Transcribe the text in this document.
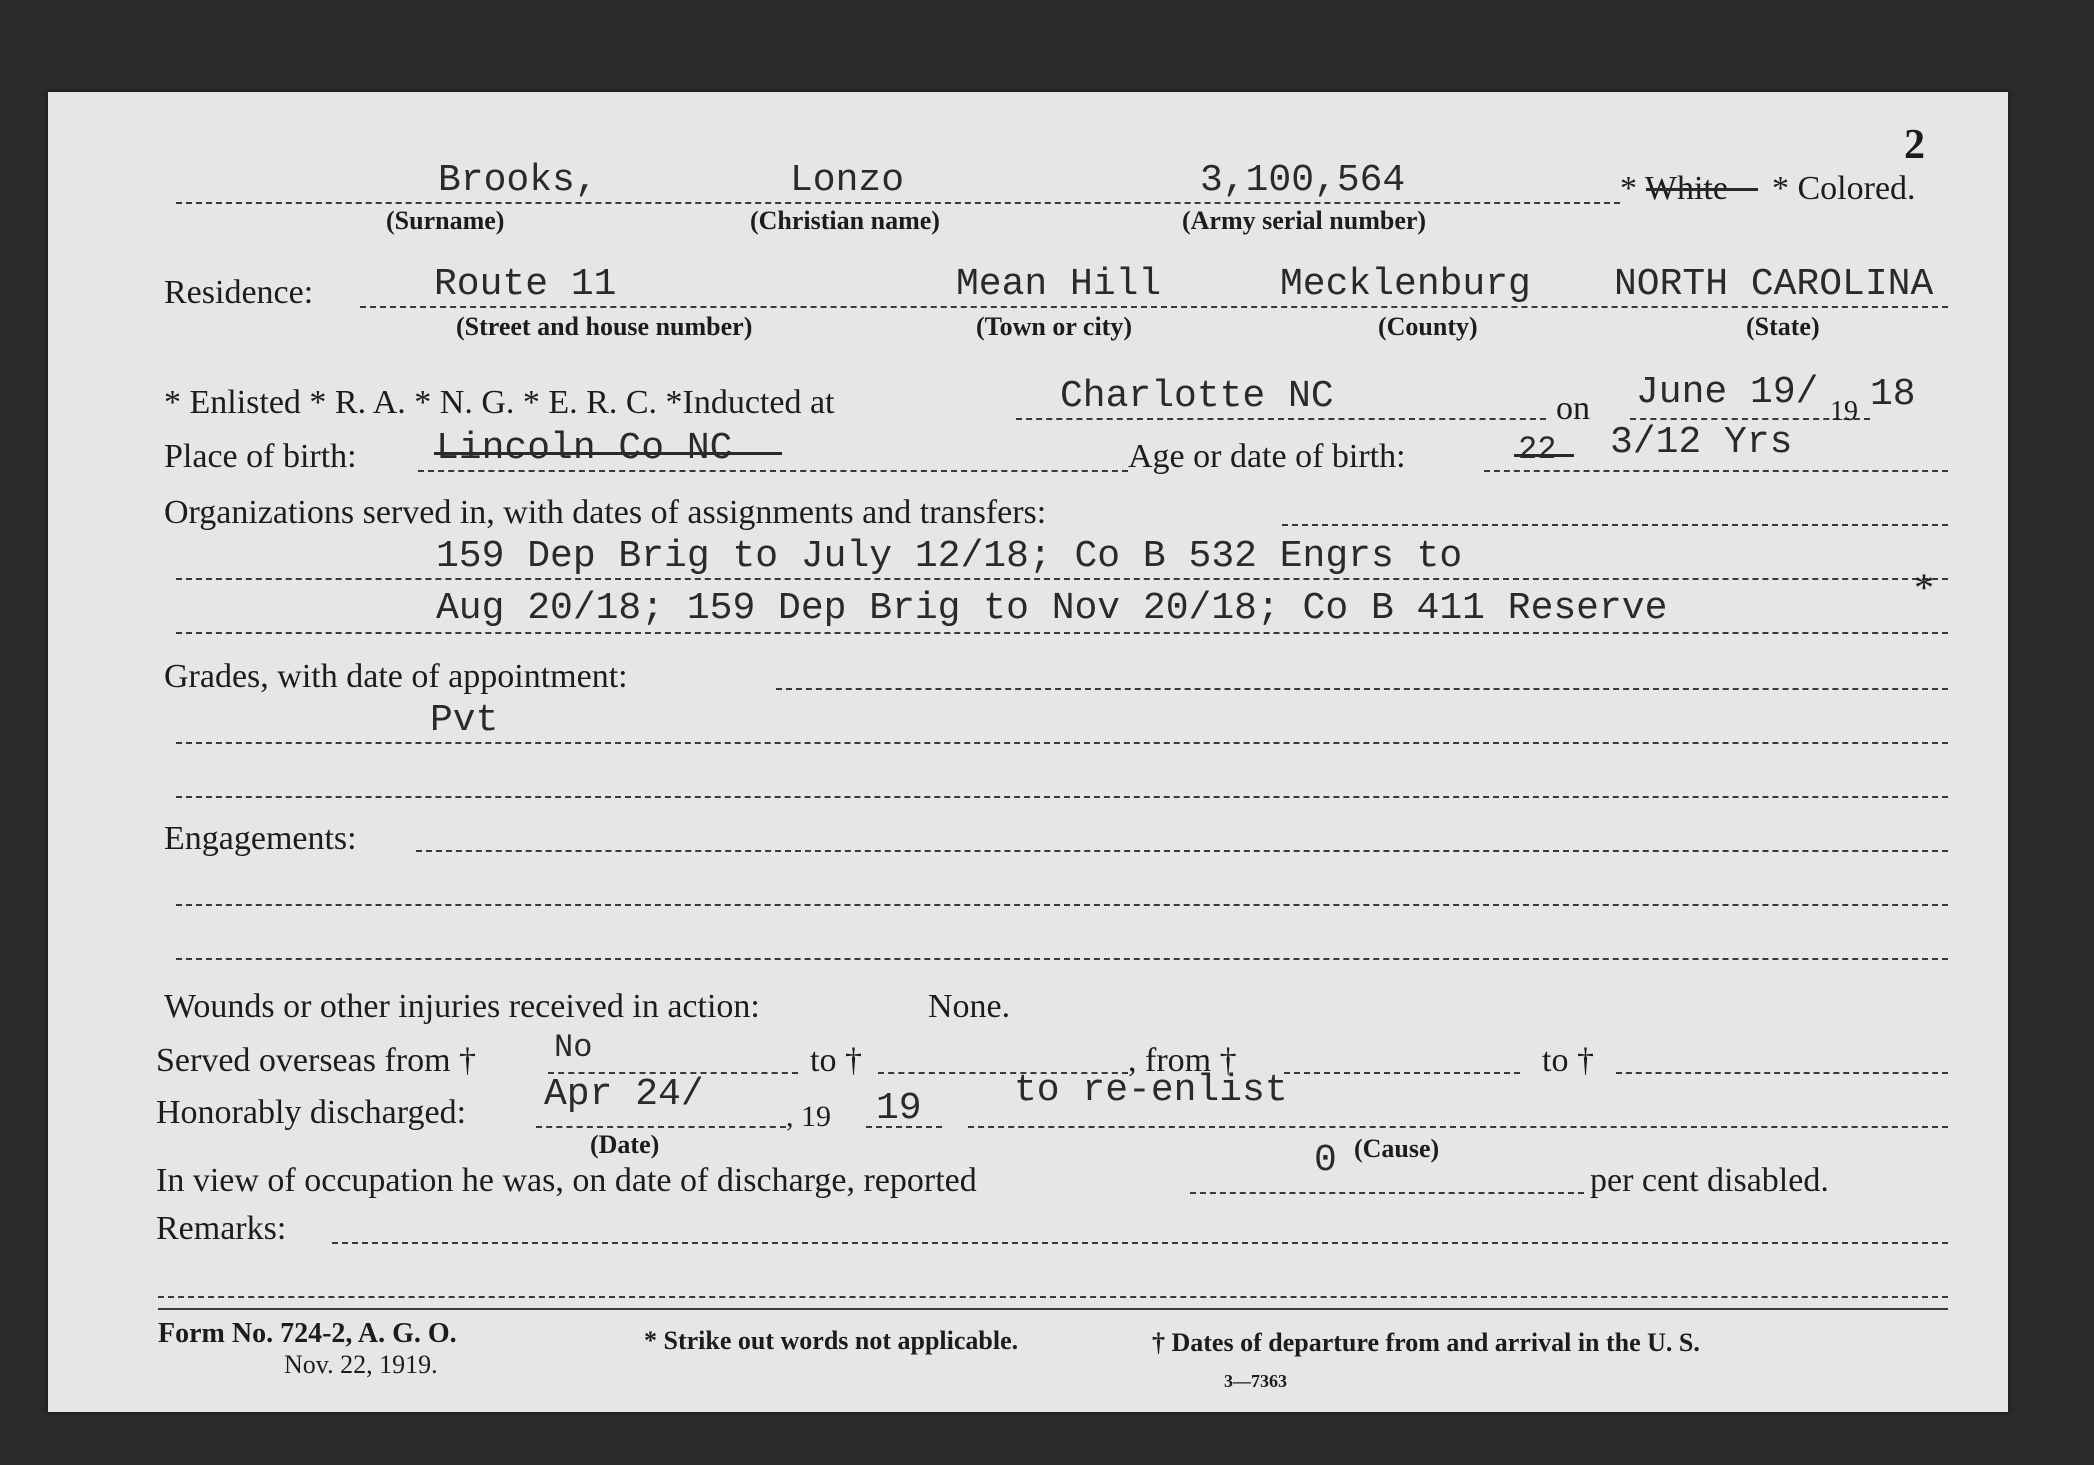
2
Brooks,	Lonzo	3,100,564	* White * Colored.
(Surname)	(Christian name)	(Army serial number)
Residence:	Route 11	Mean Hill	Mecklenburg NORTH CAROLINA
(Street and house number)	(Town or city)	(County)	(State)
* Enlisted * R. A. * N. G. * E. R. C. *Inducted at	Charlotte NC	on June 19/ 19 18
Place of birth: Lincoln Co NC	Age or date of birth:	22 3/12 Yrs
Organizations served in, with dates of assignments and transfers:
159 Dep Brig to July 12/18; Co B 532 Engrs to
*
Aug 20/18; 159 Dep Brig to Nov 20/18; Co B 411 Reserve
Grades, with date of appointment:
Pvt
Engagements:
Wounds or other injuries received in action:	None.
Served overseas from † No	to †	, from †	to †
Honorably discharged: Apr 24/
, 19 19 to re-enlist
(Date)	(Cause)
In view of occupation he was, on date of discharge, reported	0	per cent disabled.
Remarks:
Form No. 724-2, A. G. O.
Nov. 22, 1919.
* Strike out words not applicable.	† Dates of departure from and arrival in the U. S.
3—7363
